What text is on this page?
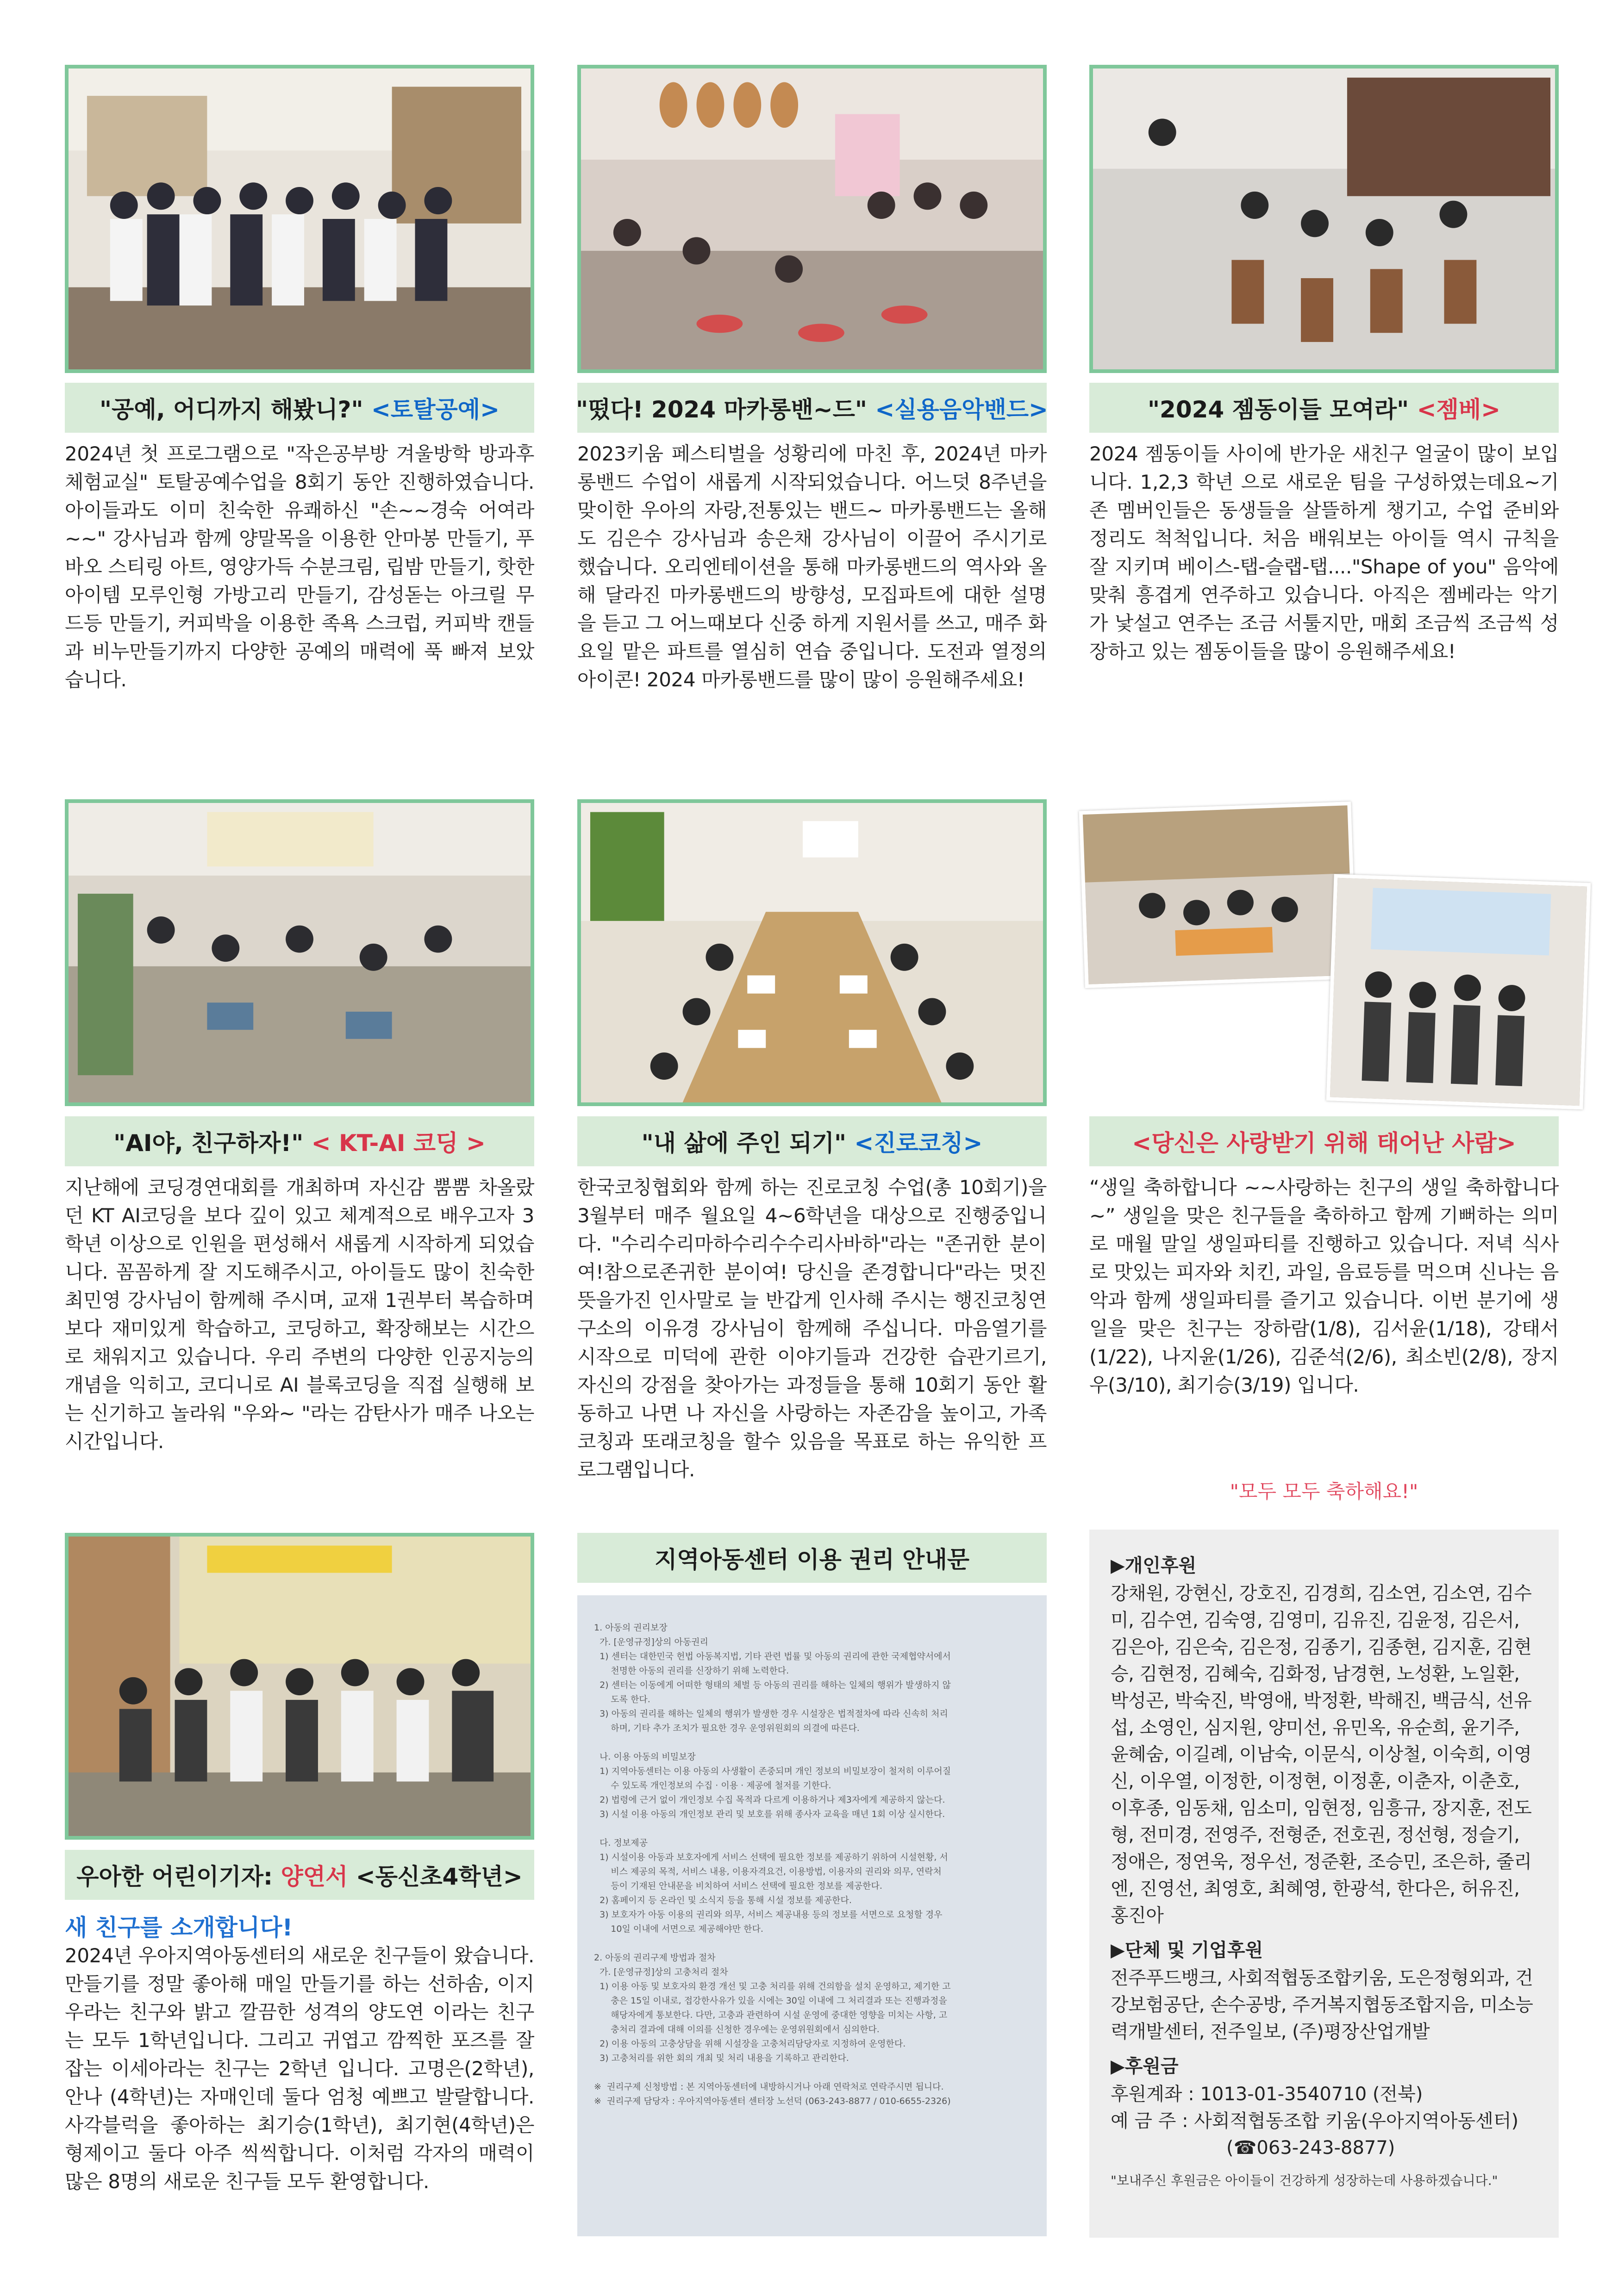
"공예, 어디까지 해봤니?" <토탈공예>	"떴다! 2024 마카롱밴~드" <실용음악밴드>	"2024 젬동이들 모여라" <젬베>
2024년 첫 프로그램으로 "작은공부방 겨울방학 방과후 체험교실" 토탈공예수업을 8회기 동안 진행하였습니다.아이들과도 이미 친숙한 유쾌하신 "손~~경숙 어여라~~" 강사님과 함께 양말목을 이용한 안마봉 만들기, 푸바오 스티링 아트, 영양가득 수분크림, 립밤 만들기, 핫한 아이템 모루인형 가방고리 만들기, 감성돋는 아크릴 무드등 만들기, 커피박을 이용한 족욕 스크럽, 커피박 캔들과 비누만들기까지 다양한 공예의 매력에 푹 빠져 보았습니다.
2023키움 페스티벌을 성황리에 마친 후, 2024년 마카롱밴드 수업이 새롭게 시작되었습니다. 어느덧 8주년을 맞이한 우아의 자랑,전통있는 밴드~ 마카롱밴드는 올해도 김은수 강사님과 송은채 강사님이 이끌어 주시기로 했습니다. 오리엔테이션을 통해 마카롱밴드의 역사와 올해 달라진 마카롱밴드의 방향성, 모집파트에 대한 설명을 듣고 그 어느때보다 신중 하게 지원서를 쓰고, 매주 화요일 맡은 파트를 열심히 연습 중입니다. 도전과 열정의 아이콘! 2024 마카롱밴드를 많이 많이 응원해주세요!
2024 젬동이들 사이에 반가운 새친구 얼굴이 많이 보입니다. 1,2,3 학년 으로 새로운 팀을 구성하였는데요~기존 멤버인들은 동생들을 살뜰하게 챙기고, 수업 준비와 정리도 척척입니다. 처음 배워보는 아이들 역시 규칙을 잘 지키며 베이스-탭-슬랩-탭...."Shape of you" 음악에 맞춰 흥겹게 연주하고 있습니다. 아직은 젬베라는 악기가 낯설고 연주는 조금 서툴지만, 매회 조금씩 조금씩 성장하고 있는 젬동이들을 많이 응원해주세요!
"AI야, 친구하자!" < KT-AI 코딩 >	"내 삶에 주인 되기" <진로코칭>	<당신은 사랑받기 위해 태어난 사람>
지난해에 코딩경연대회를 개최하며 자신감 뿜뿜 차올랐던 KT AI코딩을 보다 깊이 있고 체계적으로 배우고자 3학년 이상으로 인원을 편성해서 새롭게 시작하게 되었습니다. 꼼꼼하게 잘 지도해주시고, 아이들도 많이 친숙한 최민영 강사님이 함께해 주시며, 교재 1권부터 복습하며 보다 재미있게 학습하고, 코딩하고, 확장해보는 시간으로 채워지고 있습니다. 우리 주변의 다양한 인공지능의 개념을 익히고, 코디니로 AI 블록코딩을 직접 실행해 보는 신기하고 놀라워 "우와~ "라는 감탄사가 매주 나오는 시간입니다.
한국코칭협회와 함께 하는 진로코칭 수업(총 10회기)을 3월부터 매주 월요일 4~6학년을 대상으로 진행중입니다. "수리수리마하수리수수리사바하"라는 "존귀한 분이여!참으로존귀한 분이여! 당신을 존경합니다"라는 멋진 뜻을가진 인사말로 늘 반갑게 인사해 주시는 행진코칭연구소의 이유경 강사님이 함께해 주십니다. 마음열기를 시작으로 미덕에 관한 이야기들과 건강한 습관기르기, 자신의 강점을 찾아가는 과정들을 통해 10회기 동안 활동하고 나면 나 자신을 사랑하는 자존감을 높이고, 가족코칭과 또래코칭을 할수 있음을 목표로 하는 유익한 프로그램입니다.
“생일 축하합니다 ~~사랑하는 친구의 생일 축하합니다~” 생일을 맞은 친구들을 축하하고 함께 기뻐하는 의미로 매월 말일 생일파티를 진행하고 있습니다. 저녁 식사로 맛있는 피자와 치킨, 과일, 음료등를 먹으며 신나는 음악과 함께 생일파티를 즐기고 있습니다. 이번 분기에 생일을 맞은 친구는 장하람(1/8), 김서윤(1/18), 강태서(1/22), 나지윤(1/26), 김준석(2/6), 최소빈(2/8), 장지우(3/10), 최기승(3/19) 입니다.
"모두 모두 축하해요!"
우아한 어린이기자: 양연서 <동신초4학년>
새 친구를 소개합니다!
2024년 우아지역아동센터의 새로운 친구들이 왔습니다. 만들기를 정말 좋아해 매일 만들기를 하는 선하솜, 이지우라는 친구와 밝고 깔끔한 성격의 양도연 이라는 친구는 모두 1학년입니다. 그리고 귀엽고 깜찍한 포즈를 잘 잡는 이세아라는 친구는 2학년 입니다. 고명은(2학년), 안나 (4학년)는 자매인데 둘다 엄청 예쁘고 발랄합니다. 사각블럭을 좋아하는 최기승(1학년), 최기현(4학년)은 형제이고 둘다 아주 씩씩합니다. 이처럼 각자의 매력이 많은 8명의 새로운 친구들 모두 환영합니다.
지역아동센터 이용 권리 안내문

1. 아동의 권리보장

가. [운영규정]상의 아동권리

1) 센터는 대한민국 헌법 아동복지법, 기타 관련 법률 및 아동의 권리에 관한 국제협약서에서

천명한 아동의 권리를 신장하기 위해 노력한다.

2) 센터는 이동에게 어떠한 형태의 체벌 등 아동의 권리를 해하는 일체의 행위가 발생하지 않

도록 한다.

3) 아동의 권리를 해하는 일체의 행위가 발생한 경우 시설장은 법적절차에 따라 신속히 처리

하며, 기타 추가 조치가 필요한 경우 운영위원회의 의결에 따른다.

나. 이용 아동의 비밀보장

1) 지역아동센터는 이용 아동의 사생활이 존중되며 개인 정보의 비밀보장이 철저히 이루어질

수 있도록 개인정보의 수집 · 이용 · 제공에 철저를 기한다.

2) 법령에 근거 없이 개인정보 수집 목적과 다르게 이용하거나 제3자에게 제공하지 않는다.

3) 시설 이용 아동의 개인정보 관리 및 보호를 위해 종사자 교육을 매년 1회 이상 실시한다.

다. 정보제공

1) 시설이용 아동과 보호자에게 서비스 선택에 필요한 정보를 제공하기 위하여 시설현황, 서

비스 제공의 목적, 서비스 내용, 이용자격요건, 이용방법, 이용자의 권리와 의무, 연락처

등이 기재된 안내문을 비치하여 서비스 선택에 필요한 정보를 제공한다.

2) 홈페이지 등 온라인 및 소식지 등을 통해 시설 정보를 제공한다.

3) 보호자가 아동 이용의 권리와 의무, 서비스 제공내용 등의 정보를 서면으로 요청할 경우

10일 이내에 서면으로 제공해야만 한다.

2. 아동의 권리구제 방법과 절차

가. [운영규정]상의 고충처리 절차

1) 이용 아동 및 보호자의 환경 개선 및 고충 처리를 위해 건의함을 설치 운영하고, 제기한 고

충은 15일 이내로, 접강한사유가 있을 시에는 30일 이내에 그 처리결과 또는 진행과정을

해당자에게 통보한다. 다만, 고충과 관련하여 시설 운영에 중대한 영향을 미치는 사항, 고

충처리 결과에 대해 이의를 신청한 경우에는 운영위원회에서 심의한다.

2) 이용 아동의 고충상담을 위해 시설장을 고충처리담당자로 지정하여 운영한다.

3) 고충처리를 위한 회의 개최 및 처리 내용을 기록하고 관리한다.

※  권리구제 신청방법 : 본 지역아동센터에 내방하시거나 아래 연락처로 연락주시면 됩니다.

※  권리구제 담당자 : 우아지역아동센터 센터장 노선덕 (063-243-8877 / 010-6655-2326)

▶개인후원
강채원, 강현신, 강호진, 김경희, 김소연, 김소연, 김수미, 김수연, 김숙영, 김영미, 김유진, 김윤정, 김은서, 김은아, 김은숙, 김은정, 김종기, 김종현, 김지훈, 김현승, 김현정, 김혜숙, 김화정, 남경현, 노성환, 노일환, 박성곤, 박숙진, 박영애, 박정환, 박해진, 백금식, 선유섭, 소영인, 심지원, 양미선, 유민옥, 유순희, 윤기주, 윤혜숨, 이길례, 이남숙, 이문식, 이상철, 이숙희, 이영신, 이우열, 이정한, 이정현, 이정훈, 이춘자, 이춘호, 이후종, 임동채, 임소미, 임현정, 임흥규, 장지훈, 전도형, 전미경, 전영주, 전형준, 전호권, 정선형, 정슬기, 정애은, 정연욱, 정우선, 정준환, 조승민, 조은하, 줄리엔, 진영선, 최영호, 최혜영, 한광석, 한다은, 허유진, 홍진아
▶단체 및 기업후원
전주푸드뱅크, 사회적협동조합키움, 도은정형외과, 건강보험공단, 손수공방, 주거복지협동조합지음, 미소능력개발센터, 전주일보, (주)평장산업개발
▶후원금
후원계좌 : 1013-01-3540710 (전북)
예 금 주 : 사회적협동조합 키움(우아지역아동센터)
(☎063-243-8877)
"보내주신 후원금은 아이들이 건강하게 성장하는데 사용하겠습니다."
